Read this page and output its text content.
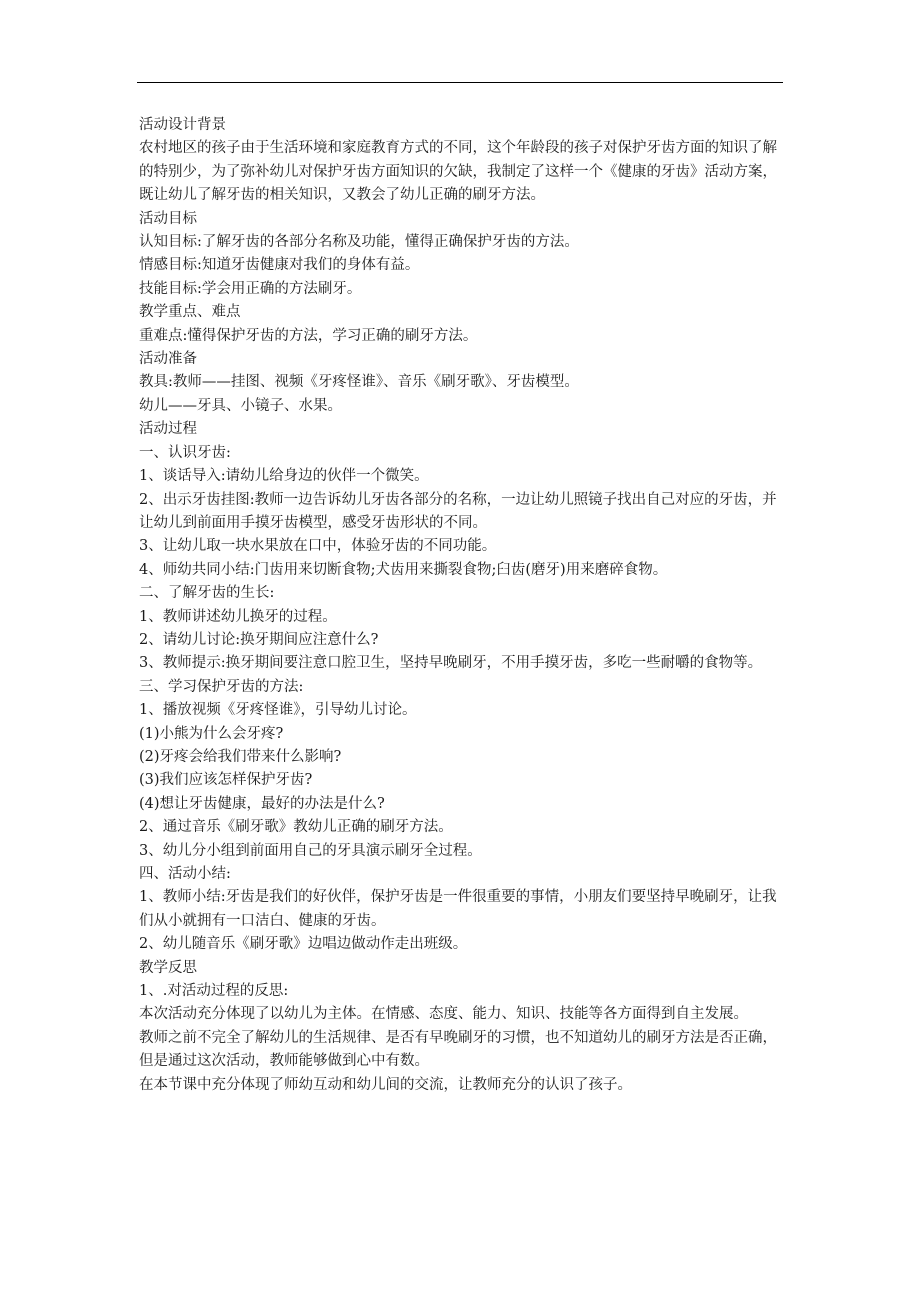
活动设计背景

农村地区的孩子由于生活环境和家庭教育方式的不同，这个年龄段的孩子对保护牙齿方面的知识了解的特别少，为了弥补幼儿对保护牙齿方面知识的欠缺，我制定了这样一个《健康的牙齿》活动方案，既让幼儿了解牙齿的相关知识，又教会了幼儿正确的刷牙方法。

活动目标

认知目标:了解牙齿的各部分名称及功能，懂得正确保护牙齿的方法。

情感目标:知道牙齿健康对我们的身体有益。

技能目标:学会用正确的方法刷牙。

教学重点、难点

重难点:懂得保护牙齿的方法，学习正确的刷牙方法。

活动准备

教具:教师——挂图、视频《牙疼怪谁》、音乐《刷牙歌》、牙齿模型。

幼儿——牙具、小镜子、水果。

活动过程

一、认识牙齿:

1、谈话导入:请幼儿给身边的伙伴一个微笑。

2、出示牙齿挂图:教师一边告诉幼儿牙齿各部分的名称，一边让幼儿照镜子找出自己对应的牙齿，并让幼儿到前面用手摸牙齿模型，感受牙齿形状的不同。

3、让幼儿取一块水果放在口中，体验牙齿的不同功能。

4、师幼共同小结:门齿用来切断食物;犬齿用来撕裂食物;臼齿(磨牙)用来磨碎食物。

二、了解牙齿的生长:

1、教师讲述幼儿换牙的过程。

2、请幼儿讨论:换牙期间应注意什么?

3、教师提示:换牙期间要注意口腔卫生，坚持早晚刷牙，不用手摸牙齿，多吃一些耐嚼的食物等。

三、学习保护牙齿的方法:

1、播放视频《牙疼怪谁》，引导幼儿讨论。

(1)小熊为什么会牙疼?

(2)牙疼会给我们带来什么影响?

(3)我们应该怎样保护牙齿?

(4)想让牙齿健康，最好的办法是什么?

2、通过音乐《刷牙歌》教幼儿正确的刷牙方法。

3、幼儿分小组到前面用自己的牙具演示刷牙全过程。

四、活动小结:

1、教师小结:牙齿是我们的好伙伴，保护牙齿是一件很重要的事情，小朋友们要坚持早晚刷牙，让我们从小就拥有一口洁白、健康的牙齿。

2、幼儿随音乐《刷牙歌》边唱边做动作走出班级。

教学反思

1、.对活动过程的反思:

本次活动充分体现了以幼儿为主体。在情感、态度、能力、知识、技能等各方面得到自主发展。

教师之前不完全了解幼儿的生活规律、是否有早晚刷牙的习惯，也不知道幼儿的刷牙方法是否正确，但是通过这次活动，教师能够做到心中有数。

在本节课中充分体现了师幼互动和幼儿间的交流，让教师充分的认识了孩子。
